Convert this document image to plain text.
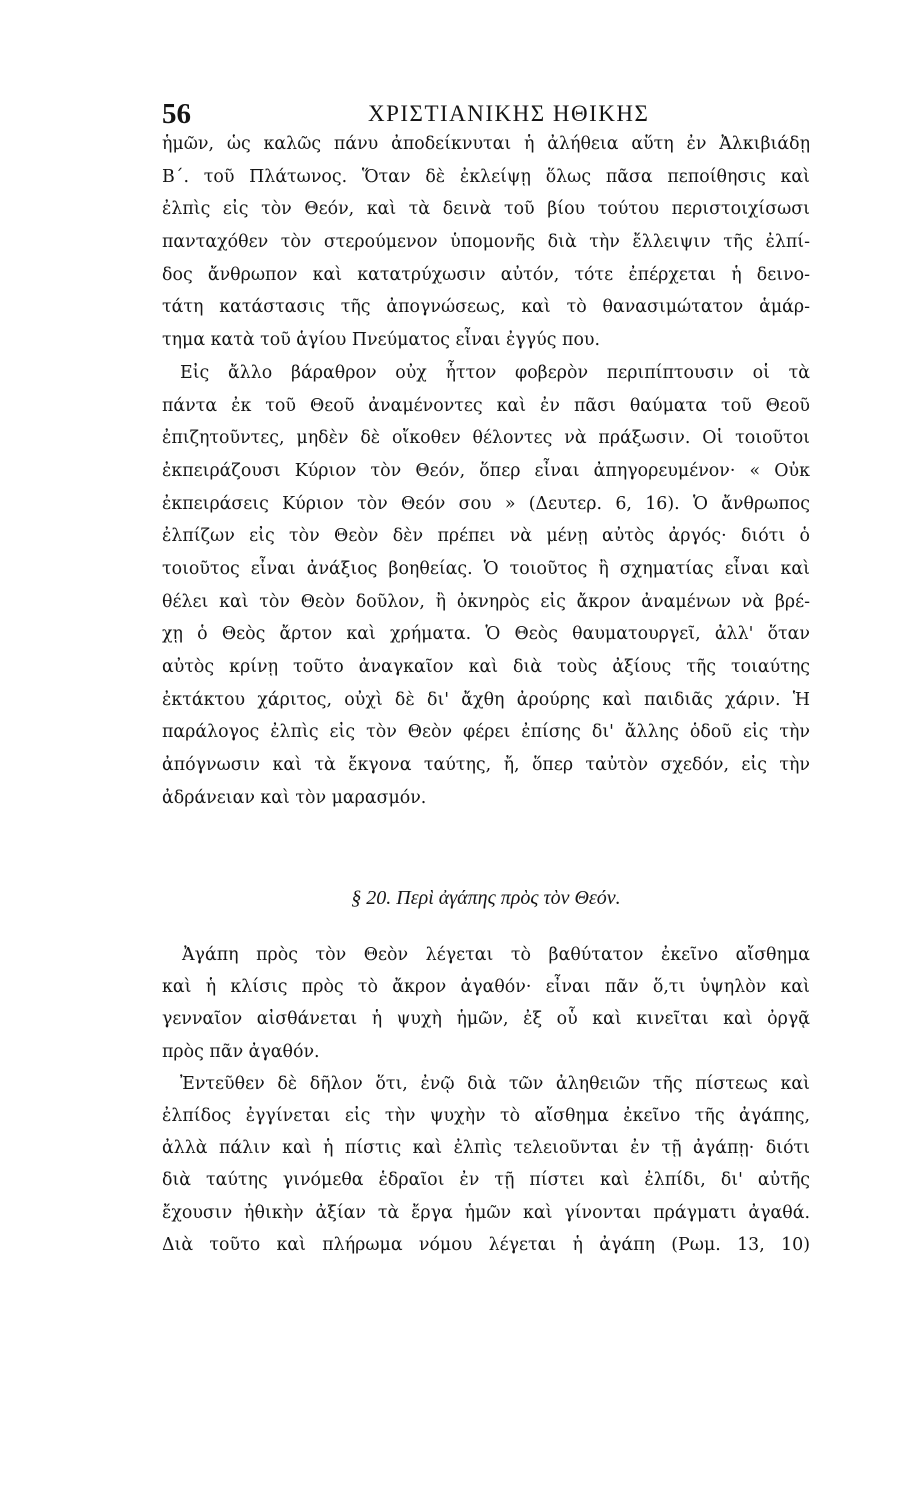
56	ΧΡΙΣΤΙΑΝΙΚΗΣ ΗΘΙΚΗΣ
ἡμῶν, ὡς καλῶς πάνυ ἀποδείκνυται ἡ ἀλήθεια αὕτη ἐν Ἀλκιβιάδῃ
Β΄. τοῦ Πλάτωνος. Ὅταν δὲ ἐκλείψῃ ὅλως πᾶσα πεποίθησις καὶ
ἐλπὶς εἰς τὸν Θεόν, καὶ τὰ δεινὰ τοῦ βίου τούτου περιστοιχίσωσι
πανταχόθεν τὸν στερούμενον ὑπομονῆς διὰ τὴν ἔλλειψιν τῆς ἐλπί-
δος ἄνθρωπον καὶ κατατρύχωσιν αὐτόν, τότε ἐπέρχεται ἡ δεινο-
τάτη κατάστασις τῆς ἀπογνώσεως, καὶ τὸ θανασιμώτατον ἁμάρ-
τημα κατὰ τοῦ ἁγίου Πνεύματος εἶναι ἐγγύς που.
Εἰς ἄλλο βάραθρον οὐχ ἧττον φοβερὸν περιπίπτουσιν οἱ τὰ
πάντα ἐκ τοῦ Θεοῦ ἀναμένοντες καὶ ἐν πᾶσι θαύματα τοῦ Θεοῦ
ἐπιζητοῦντες, μηδὲν δὲ οἴκοθεν θέλοντες νὰ πράξωσιν. Οἱ τοιοῦτοι
ἐκπειράζουσι Κύριον τὸν Θεόν, ὅπερ εἶναι ἀπηγορευμένον· « Οὐκ
ἐκπειράσεις Κύριον τὸν Θεόν σου » (Δευτερ. 6, 16). Ὁ ἄνθρωπος
ἐλπίζων εἰς τὸν Θεὸν δὲν πρέπει νὰ μένῃ αὐτὸς ἀργός· διότι ὁ
τοιοῦτος εἶναι ἀνάξιος βοηθείας. Ὁ τοιοῦτος ἢ σχηματίας εἶναι καὶ
θέλει καὶ τὸν Θεὸν δοῦλον, ἢ ὀκνηρὸς εἰς ἄκρον ἀναμένων νὰ βρέ-
χῃ ὁ Θεὸς ἄρτον καὶ χρήματα. Ὁ Θεὸς θαυματουργεῖ, ἀλλ' ὅταν
αὐτὸς κρίνῃ τοῦτο ἀναγκαῖον καὶ διὰ τοὺς ἀξίους τῆς τοιαύτης
ἐκτάκτου χάριτος, οὐχὶ δὲ δι' ἄχθη ἀρούρης καὶ παιδιᾶς χάριν. Ἡ
παράλογος ἐλπὶς εἰς τὸν Θεὸν φέρει ἐπίσης δι' ἄλλης ὁδοῦ εἰς τὴν
ἀπόγνωσιν καὶ τὰ ἔκγονα ταύτης, ἤ, ὅπερ ταὐτὸν σχεδόν, εἰς τὴν
ἀδράνειαν καὶ τὸν μαρασμόν.
§ 20. Περὶ ἀγάπης πρὸς τὸν Θεόν.
Ἀγάπη πρὸς τὸν Θεὸν λέγεται τὸ βαθύτατον ἐκεῖνο αἴσθημα
καὶ ἡ κλίσις πρὸς τὸ ἄκρον ἀγαθόν· εἶναι πᾶν ὅ,τι ὑψηλὸν καὶ
γενναῖον αἰσθάνεται ἡ ψυχὴ ἡμῶν, ἐξ οὗ καὶ κινεῖται καὶ ὀργᾷ
πρὸς πᾶν ἀγαθόν.
Ἐντεῦθεν δὲ δῆλον ὅτι, ἐνῷ διὰ τῶν ἀληθειῶν τῆς πίστεως καὶ
ἐλπίδος ἐγγίνεται εἰς τὴν ψυχὴν τὸ αἴσθημα ἐκεῖνο τῆς ἀγάπης,
ἀλλὰ πάλιν καὶ ἡ πίστις καὶ ἐλπὶς τελειοῦνται ἐν τῇ ἀγάπῃ· διότι
διὰ ταύτης γινόμεθα ἑδραῖοι ἐν τῇ πίστει καὶ ἐλπίδι, δι' αὐτῆς
ἔχουσιν ἠθικὴν ἀξίαν τὰ ἔργα ἡμῶν καὶ γίνονται πράγματι ἀγαθά.
Διὰ τοῦτο καὶ πλήρωμα νόμου λέγεται ἡ ἀγάπη (Ρωμ. 13, 10)
